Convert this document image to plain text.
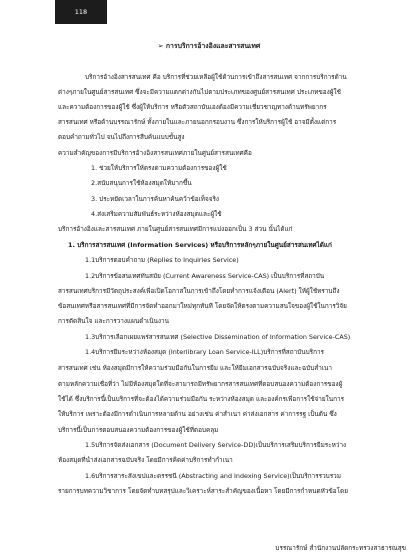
118
➢ การบริการอ้างอิงและสารสนเทศ
บริการอ้างอิงสารสนเทศ คือ บริการที่ช่วยเหลือผู้ใช้ด้านการเข้าถึงสารสนเทศ จากการบริการด้าน
ต่างๆภายในศูนย์สารสนเทศ ซึ่งจะมีความแตกต่างกันไปตามประเภทของศูนย์สารสนเทศ ประเภทของผู้ใช้
และความต้องการของผู้ใช้ ซึ่งผู้ให้บริการ หรือตัวสถาบันเองต้องมีความเชี่ยวชาญทางด้านทรัพยากร
สารสนเทศ หรือด้านบรรณารักษ์ ทั้งภายในและภายนอกกรอบงาน ซึ่งการให้บริการผู้ใช้ อาจมีตั้งแต่การ
ตอบคำถามทั่วไป จนไปถึงการสืบค้นแบบขั้นสูง
ความสำคัญของการมีบริการอ้างอิงสารสนเทศภายในศูนย์สารสนเทศคือ
1. ช่วยให้บริการให้ตรงตามความต้องการของผู้ใช้
2.สนับสนุนการใช้ห้องสมุดให้มากขึ้น
3. ประหยัดเวลาในการค้นหาค้นคว้าข้อเท็จจริง
4.ส่งเสริมความสัมพันธ์ระหว่างห้องสมุดและผู้ใช้
บริการอ้างอิงและสารสนเทศ ภายในศูนย์สารสนเทศมีการแบ่งออกเป็น 3 ส่วน นั้นได้แก่
1. บริการสารสนเทศ (Information Services) หรือบริการหลักๆภายในศูนย์สารสนเทศได้แก่
1.1บริการตอบคำถาม (Replies to Inquiries Service)
1.2บริการข้อสนเทศทันสมัย (Current Awareness Service-CAS) เป็นบริการที่สถาบัน
สารสนเทศบริการมีวัตถุประสงค์เพื่อเปิดโอกาสในการเข้าถึงโดยทำการแจ้งเตือน (Alert) ให้ผู้ใช้ทราบถึง
ข้อสนเทศหรือสารสนเทศที่มีการจัดทำออกมาใหม่ทุกทันที โดยจัดให้ตรงตามความสนใจของผู้ใช้ในการวิจัย
การตัดสินใจ และการวางแผนดำเนินงาน
1.3บริการเลือกเผยแพร่สารสนเทศ (Selective Dissemination of Information Service-CAS)
1.4บริการยืมระหว่างห้องสมุด (Interlibrary Loan Service-ILL)บริการที่สถาบันบริการ
สารสนเทศ เช่น ห้องสมุดมีการให้ความร่วมมือกันในการยืม และให้ยืมเอกสารฉบับจริงและฉบับสำเนา
ตามหลักความเชื่อที่ว่า ไม่มีห้องสมุดใดที่จะสามารถมีทรัพยากรสารสนเทศที่ตอบสนองความต้องการของผู้
ใช้ได้ ซึ่งบริการนี้เป็นบริการที่จะต้องได้ความร่วมมือกัน ระหว่างห้องสมุด และองค์กรเพื่อการใช้จ่ายในการ
ให้บริการ เพราะต้องมีการดำเนินการหลายด้าน อย่างเช่น ค่าสำเนา ค่าส่งเอกสาร ค่าการรฐ เป็นต้น ซึ่ง
บริการนี้เป็นการตอบสนองความต้องการของผู้ใช้ที่ตอบคลุม
1.5บริการจัดส่งเอกสาร (Document Delivery Service-DD)เป็นบริการเสริมบริการยืมระหว่าง
ห้องสมุดที่นำส่งเอกสารฉบับจริง โดยมีการคิดค่าบริการทำกำเนา
1.6บริการสาระสังเขปและดรรชนี (Abstracting and Indexing Service)เป็นบริการรวบรวม
รายการบทความวิชาการ โดยจัดทำบทสรุปและวิเคราะห์สาระสำคัญของเนื้อหา โดยมีการกำหนดหัวข้อโดย
บรรณารักษ์ สำนักงานปลัดกระทรวงสาธารณสุข
